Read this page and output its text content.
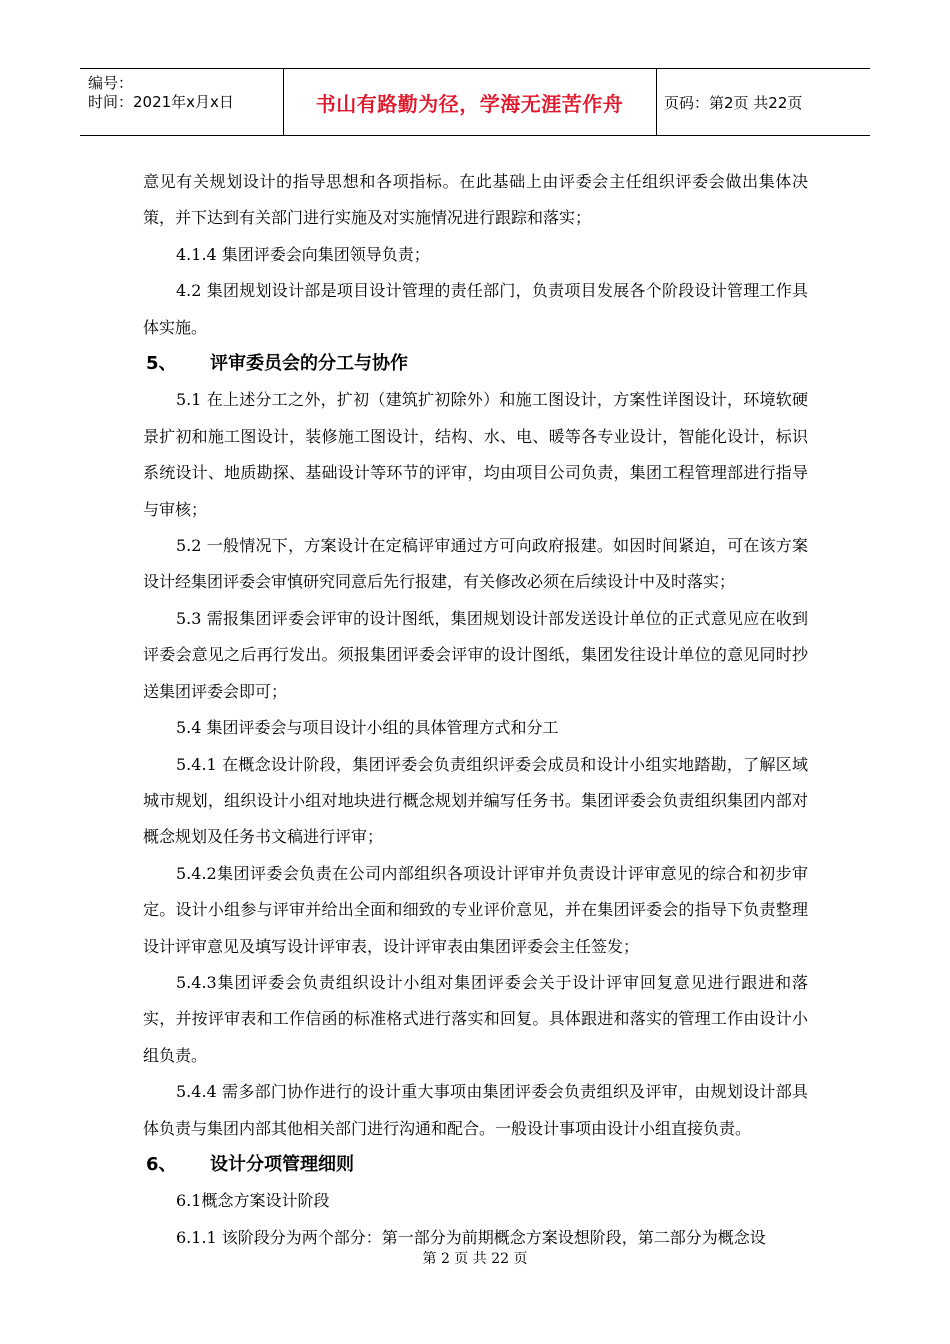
编号：
时间：2021年x月x日	书山有路勤为径，学海无涯苦作舟	页码：第2页 共22页

意见有关规划设计的指导思想和各项指标。在此基础上由评委会主任组织评委会做出集体决策，并下达到有关部门进行实施及对实施情况进行跟踪和落实；

4.1.4 集团评委会向集团领导负责；

4.2 集团规划设计部是项目设计管理的责任部门，负责项目发展各个阶段设计管理工作具体实施。

5、 评审委员会的分工与协作

5.1 在上述分工之外，扩初（建筑扩初除外）和施工图设计，方案性详图设计，环境软硬景扩初和施工图设计，装修施工图设计，结构、水、电、暖等各专业设计，智能化设计，标识系统设计、地质勘探、基础设计等环节的评审，均由项目公司负责，集团工程管理部进行指导与审核；

5.2 一般情况下，方案设计在定稿评审通过方可向政府报建。如因时间紧迫，可在该方案设计经集团评委会审慎研究同意后先行报建，有关修改必须在后续设计中及时落实；

5.3 需报集团评委会评审的设计图纸，集团规划设计部发送设计单位的正式意见应在收到评委会意见之后再行发出。须报集团评委会评审的设计图纸，集团发往设计单位的意见同时抄送集团评委会即可；

5.4 集团评委会与项目设计小组的具体管理方式和分工

5.4.1 在概念设计阶段，集团评委会负责组织评委会成员和设计小组实地踏勘，了解区域城市规划，组织设计小组对地块进行概念规划并编写任务书。集团评委会负责组织集团内部对概念规划及任务书文稿进行评审；

5.4.2集团评委会负责在公司内部组织各项设计评审并负责设计评审意见的综合和初步审定。设计小组参与评审并给出全面和细致的专业评价意见，并在集团评委会的指导下负责整理设计评审意见及填写设计评审表，设计评审表由集团评委会主任签发；

5.4.3集团评委会负责组织设计小组对集团评委会关于设计评审回复意见进行跟进和落实，并按评审表和工作信函的标准格式进行落实和回复。具体跟进和落实的管理工作由设计小组负责。

5.4.4 需多部门协作进行的设计重大事项由集团评委会负责组织及评审，由规划设计部具体负责与集团内部其他相关部门进行沟通和配合。一般设计事项由设计小组直接负责。

6、 设计分项管理细则

6.1概念方案设计阶段

6.1.1 该阶段分为两个部分：第一部分为前期概念方案设想阶段，第二部分为概念设

第 2 页 共 22 页
